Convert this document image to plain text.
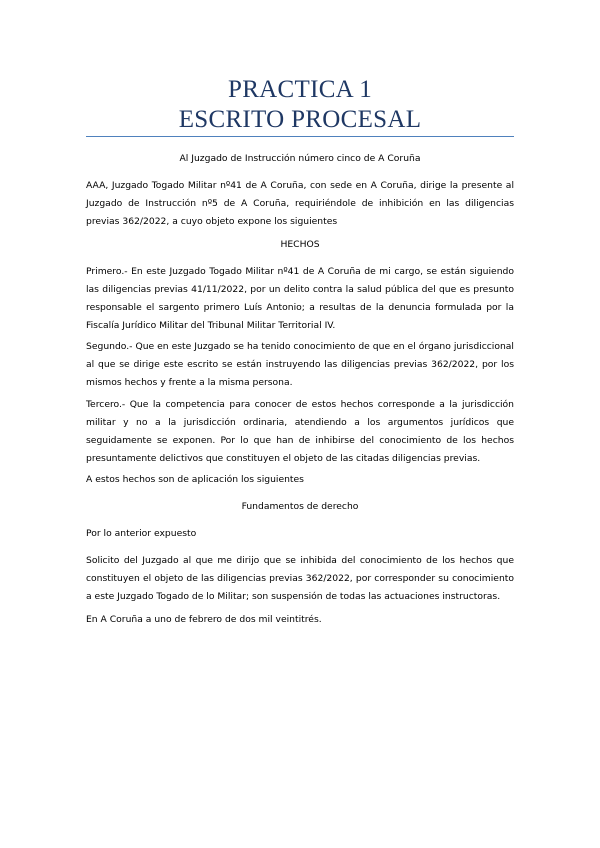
PRACTICA 1
ESCRITO PROCESAL
Al Juzgado de Instrucción número cinco de A Coruña
AAA, Juzgado Togado Militar nº41 de A Coruña, con sede en A Coruña, dirige la presente al Juzgado de Instrucción nº5 de A Coruña, requiriéndole de inhibición en las diligencias previas 362/2022, a cuyo objeto expone los siguientes
HECHOS
Primero.- En este Juzgado Togado Militar nº41 de A Coruña de mi cargo, se están siguiendo las diligencias previas 41/11/2022, por un delito contra la salud pública del que es presunto responsable el sargento primero Luís Antonio; a resultas de la denuncia formulada por la Fiscalía Jurídico Militar del Tribunal Militar Territorial IV.
Segundo.- Que en este Juzgado se ha tenido conocimiento de que en el órgano jurisdiccional al que se dirige este escrito se están instruyendo las diligencias previas 362/2022, por los mismos hechos y frente a la misma persona.
Tercero.- Que la competencia para conocer de estos hechos corresponde a la jurisdicción militar y no a la jurisdicción ordinaria, atendiendo a los argumentos jurídicos que seguidamente se exponen. Por lo que han de inhibirse del conocimiento de los hechos presuntamente delictivos que constituyen el objeto de las citadas diligencias previas.
A estos hechos son de aplicación los siguientes
Fundamentos de derecho
Por lo anterior expuesto
Solicito del Juzgado al que me dirijo que se inhibida del conocimiento de los hechos que constituyen el objeto de las diligencias previas 362/2022, por corresponder su conocimiento a este Juzgado Togado de lo Militar; son suspensión de todas las actuaciones instructoras.
En A Coruña a uno de febrero de dos mil veintitrés.
